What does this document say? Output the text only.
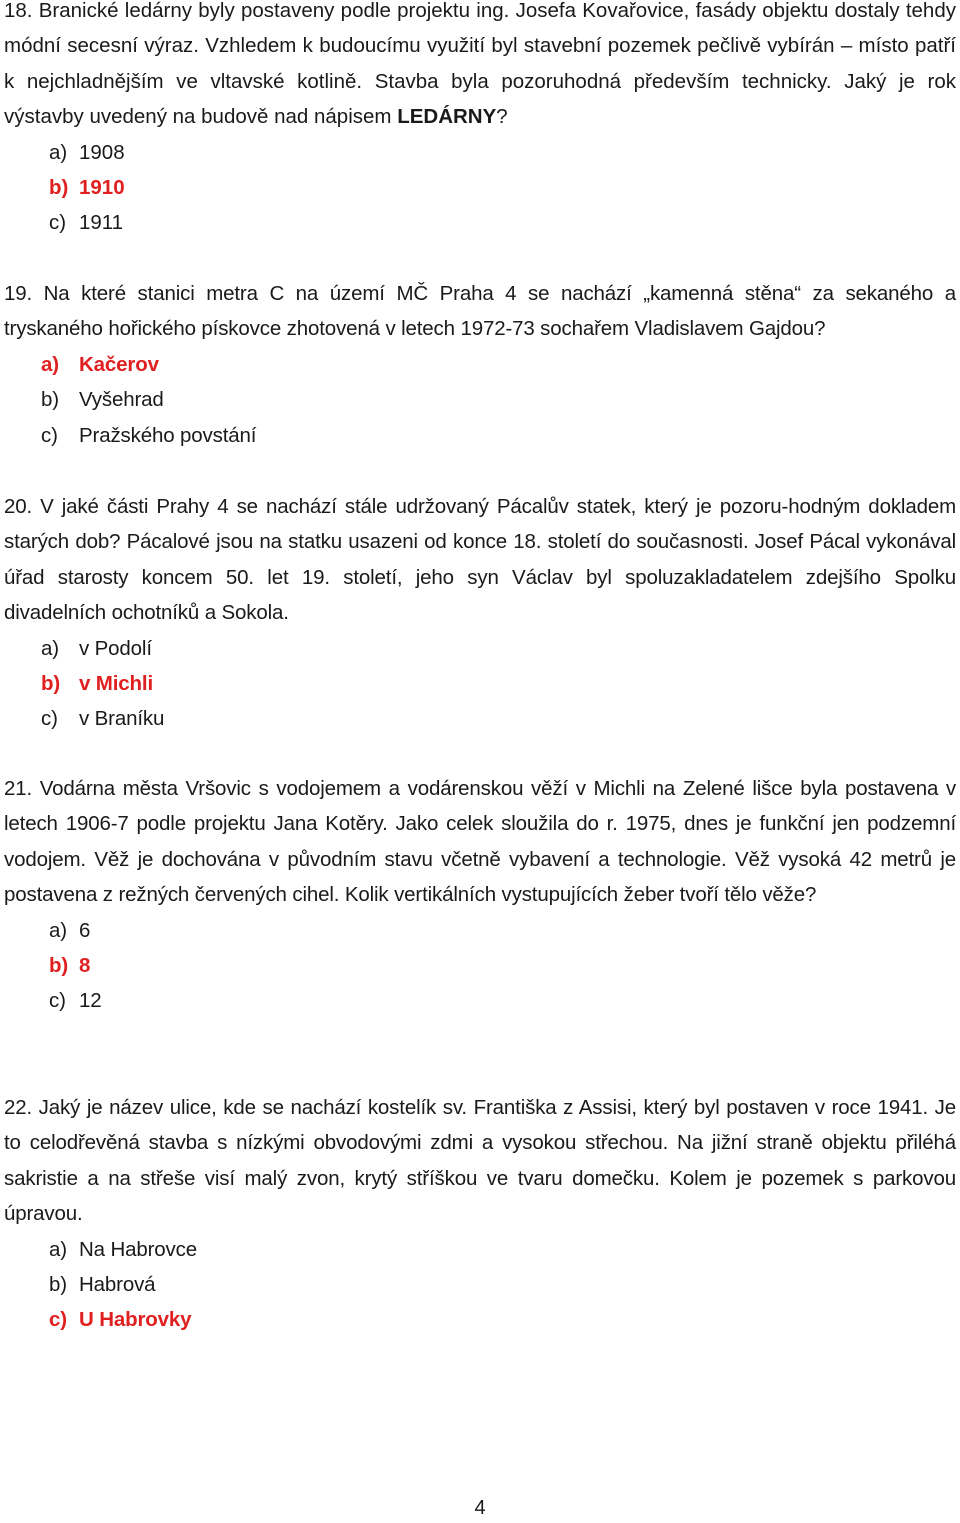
18. Branické ledárny byly postaveny podle projektu ing. Josefa Kovařovice, fasády objektu dostaly tehdy módní secesní výraz. Vzhledem k budoucímu využití byl stavební pozemek pečlivě vybírán – místo patří k nejchladnějším ve vltavské kotlině. Stavba byla pozoruhodná především technicky. Jaký je rok výstavby uvedený na budově nad nápisem LEDÁRNY?
a) 1908
b) 1910
c) 1911
19. Na které stanici metra C na území MČ Praha 4 se nachází „kamenná stěna“ za sekaného a tryskaného hořického pískovce zhotovená v letech 1972-73 sochařem Vladislavem Gajdou?
a) Kačerov
b) Vyšehrad
c)	Pražského povstání
20. V jaké části Prahy 4 se nachází stále udržovaný Pácalův statek, který je pozoru-hodným dokladem starých dob? Pácalové jsou na statku usazeni od konce 18. století do současnosti. Josef Pácal vykonával úřad starosty koncem 50. let 19. století, jeho syn Václav byl spoluzakladatelem zdejšího Spolku divadelních ochotníků a Sokola.
a) v Podolí
b) v Michli
c)	v Braníku
21. Vodárna města Vršovic s vodojemem a vodárenskou věží v Michli na Zelené lišce byla postavena v letech 1906-7 podle projektu Jana Kotěry. Jako celek sloužila do r. 1975, dnes je funkční jen podzemní vodojem. Věž je dochována v původním stavu včetně vybavení a technologie. Věž vysoká 42 metrů je postavena z režných červených cihel. Kolik vertikálních vystupujících žeber tvoří tělo věže?
a) 6
b) 8
c) 12
22. Jaký je název ulice, kde se nachází kostelík sv. Františka z Assisi, který byl postaven v roce 1941. Je to celodřevěná stavba s nízkými obvodovými zdmi a vysokou střechou. Na jižní straně objektu přiléhá sakristie a na střeše visí malý zvon, krytý stříškou ve tvaru domečku. Kolem je pozemek s parkovou úpravou.
a) Na Habrovce
b) Habrová
c) U Habrovky
4
